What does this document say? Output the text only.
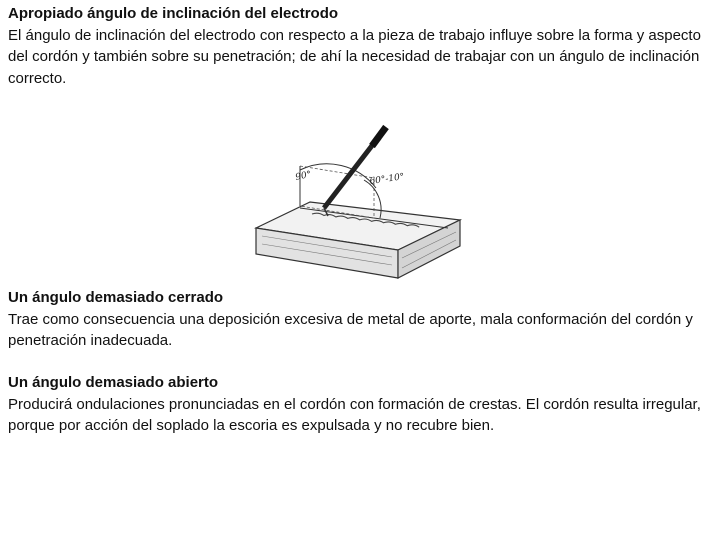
Apropiado ángulo de inclinación del electrodo
El ángulo de inclinación del electrodo con respecto a la pieza de trabajo influye sobre la forma y aspecto del cordón y también sobre su penetración; de ahí la necesidad de trabajar con un ángulo de inclinación correcto.
90°	60°-10°
Un ángulo demasiado cerrado
Trae como consecuencia una deposición excesiva de metal de aporte, mala conformación del cordón y penetración inadecuada.
Un ángulo demasiado abierto
Producirá ondulaciones pronunciadas en el cordón con formación de crestas. El cordón resulta irregular, porque por acción del soplado la escoria es expulsada y no recubre bien.
